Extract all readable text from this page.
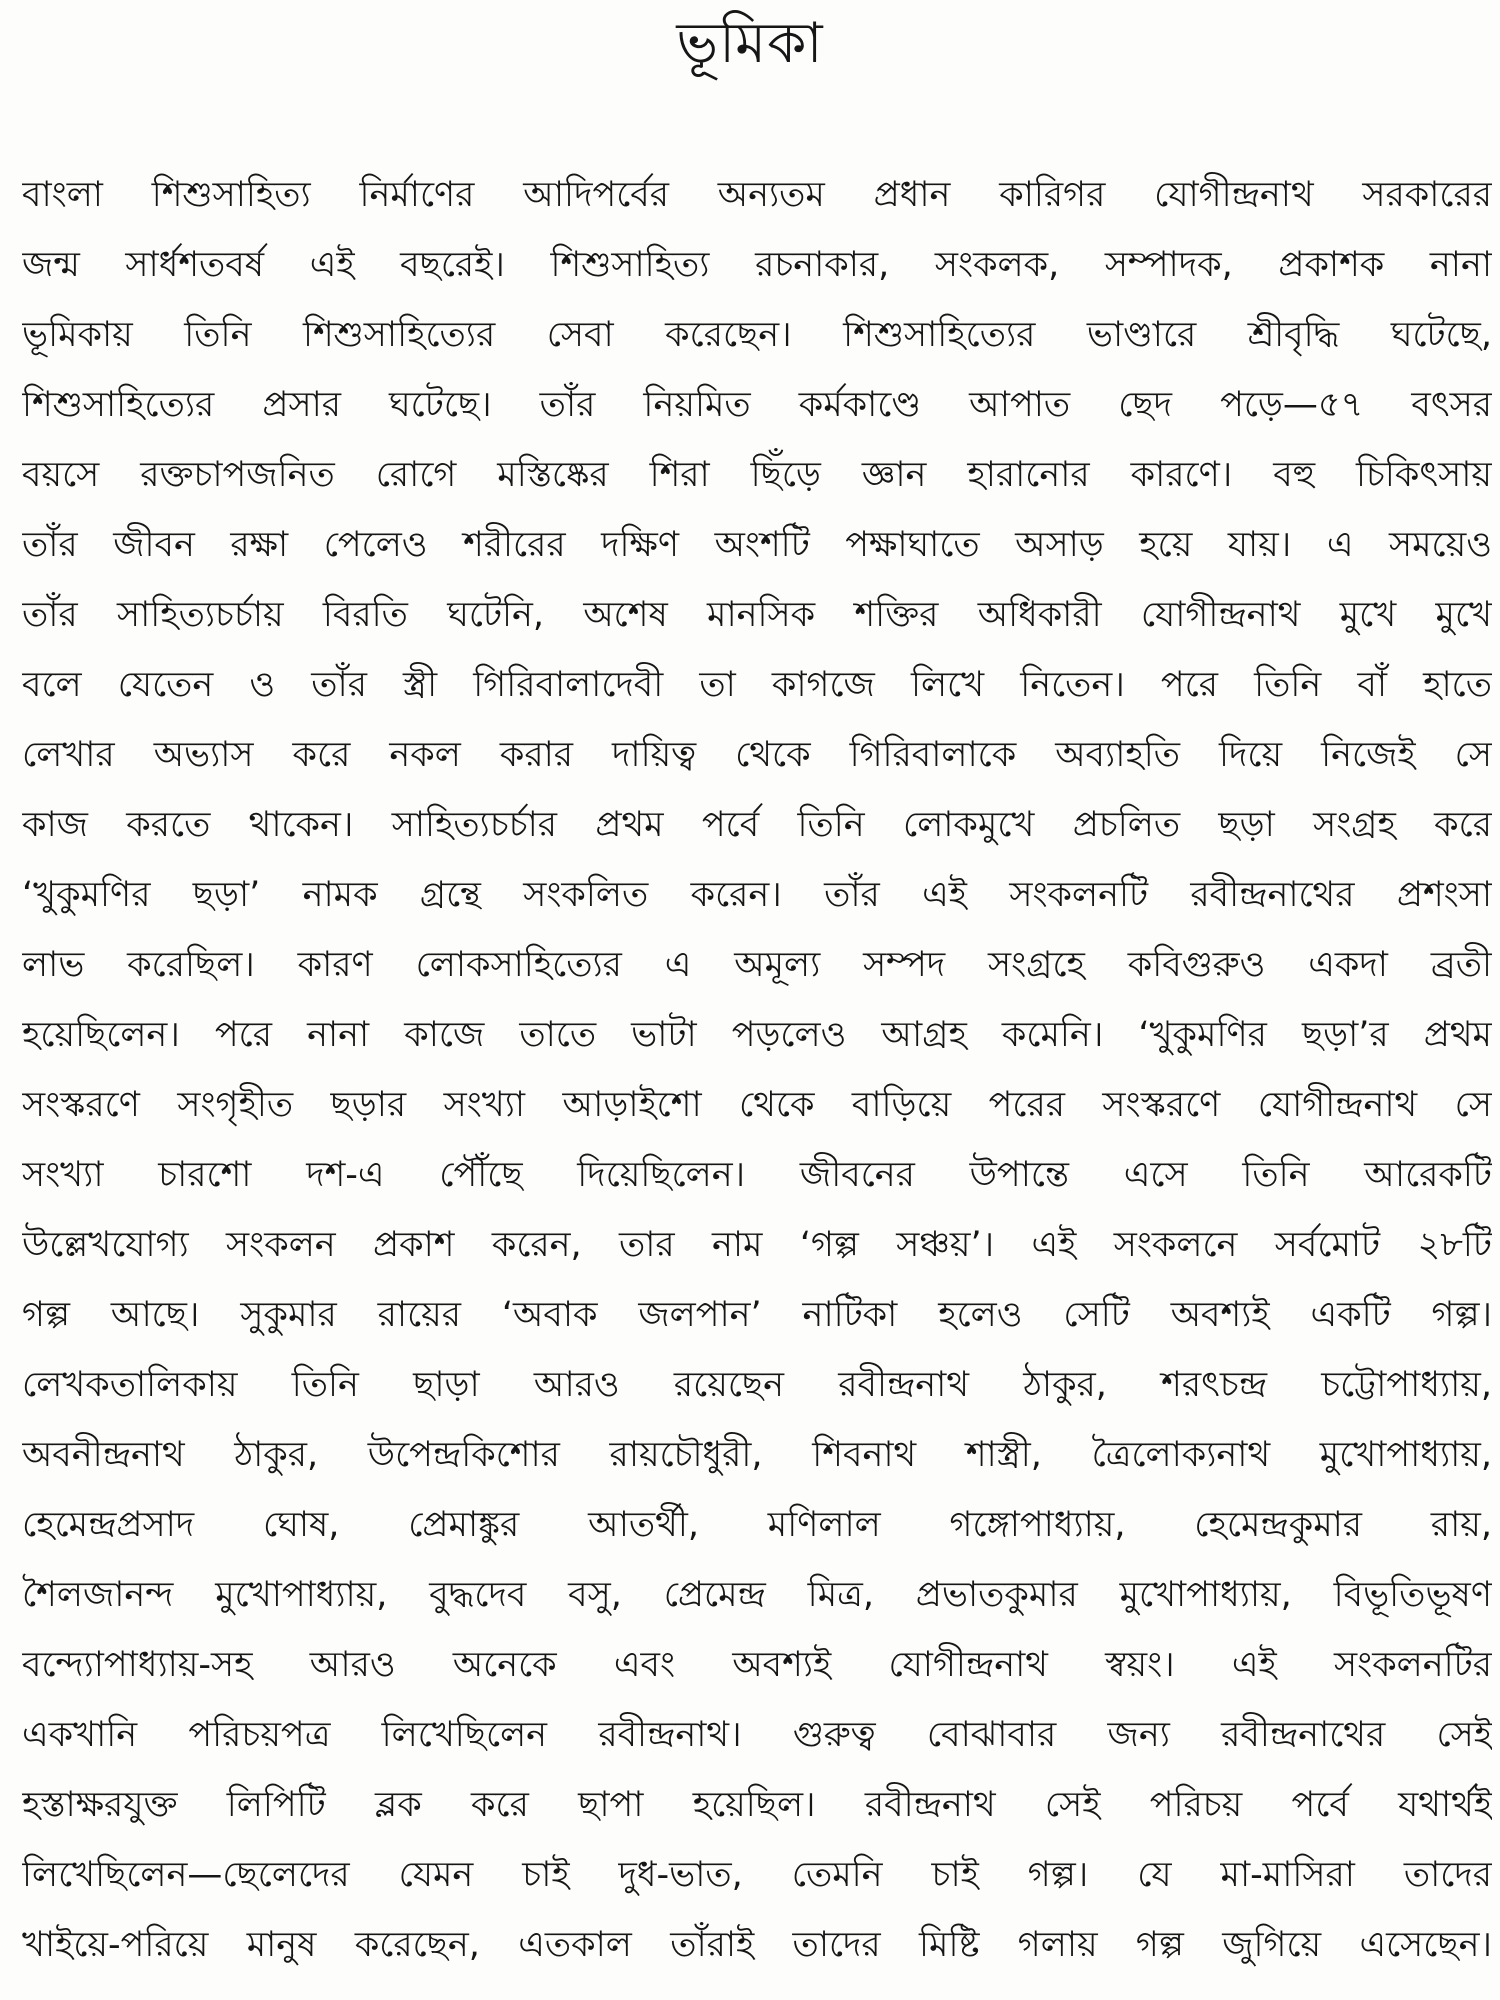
ভূমিকা
বাংলা শিশুসাহিত্য নির্মাণের আদিপর্বের অন্যতম প্রধান কারিগর যোগীন্দ্রনাথ সরকারের
জন্ম সার্ধশতবর্ষ এই বছরেই। শিশুসাহিত্য রচনাকার, সংকলক, সম্পাদক, প্রকাশক নানা
ভূমিকায় তিনি শিশুসাহিত্যের সেবা করেছেন। শিশুসাহিত্যের ভাণ্ডারে শ্রীবৃদ্ধি ঘটেছে,
শিশুসাহিত্যের প্রসার ঘটেছে। তাঁর নিয়মিত কর্মকাণ্ডে আপাত ছেদ পড়ে—৫৭ বৎসর
বয়সে রক্তচাপজনিত রোগে মস্তিষ্কের শিরা ছিঁড়ে জ্ঞান হারানোর কারণে। বহু চিকিৎসায়
তাঁর জীবন রক্ষা পেলেও শরীরের দক্ষিণ অংশটি পক্ষাঘাতে অসাড় হয়ে যায়। এ সময়েও
তাঁর সাহিত্যচর্চায় বিরতি ঘটেনি, অশেষ মানসিক শক্তির অধিকারী যোগীন্দ্রনাথ মুখে মুখে
বলে যেতেন ও তাঁর স্ত্রী গিরিবালাদেবী তা কাগজে লিখে নিতেন। পরে তিনি বাঁ হাতে
লেখার অভ্যাস করে নকল করার দায়িত্ব থেকে গিরিবালাকে অব্যাহতি দিয়ে নিজেই সে
কাজ করতে থাকেন। সাহিত্যচর্চার প্রথম পর্বে তিনি লোকমুখে প্রচলিত ছড়া সংগ্রহ করে
‘খুকুমণির ছড়া’ নামক গ্রন্থে সংকলিত করেন। তাঁর এই সংকলনটি রবীন্দ্রনাথের প্রশংসা
লাভ করেছিল। কারণ লোকসাহিত্যের এ অমূল্য সম্পদ সংগ্রহে কবিগুরুও একদা ব্রতী
হয়েছিলেন। পরে নানা কাজে তাতে ভাটা পড়লেও আগ্রহ কমেনি। ‘খুকুমণির ছড়া’র প্রথম
সংস্করণে সংগৃহীত ছড়ার সংখ্যা আড়াইশো থেকে বাড়িয়ে পরের সংস্করণে যোগীন্দ্রনাথ সে
সংখ্যা চারশো দশ-এ পৌঁছে দিয়েছিলেন। জীবনের উপান্তে এসে তিনি আরেকটি
উল্লেখযোগ্য সংকলন প্রকাশ করেন, তার নাম ‘গল্প সঞ্চয়’। এই সংকলনে সর্বমোট ২৮টি
গল্প আছে। সুকুমার রায়ের ‘অবাক জলপান’ নাটিকা হলেও সেটি অবশ্যই একটি গল্প।
লেখকতালিকায় তিনি ছাড়া আরও রয়েছেন রবীন্দ্রনাথ ঠাকুর, শরৎচন্দ্র চট্টোপাধ্যায়,
অবনীন্দ্রনাথ ঠাকুর, উপেন্দ্রকিশোর রায়চৌধুরী, শিবনাথ শাস্ত্রী, ত্রৈলোক্যনাথ মুখোপাধ্যায়,
হেমেন্দ্রপ্রসাদ ঘোষ, প্রেমাঙ্কুর আতর্থী, মণিলাল গঙ্গোপাধ্যায়, হেমেন্দ্রকুমার রায়,
শৈলজানন্দ মুখোপাধ্যায়, বুদ্ধদেব বসু, প্রেমেন্দ্র মিত্র, প্রভাতকুমার মুখোপাধ্যায়, বিভূতিভূষণ
বন্দ্যোপাধ্যায়-সহ আরও অনেকে এবং অবশ্যই যোগীন্দ্রনাথ স্বয়ং। এই সংকলনটির
একখানি পরিচয়পত্র লিখেছিলেন রবীন্দ্রনাথ। গুরুত্ব বোঝাবার জন্য রবীন্দ্রনাথের সেই
হস্তাক্ষরযুক্ত লিপিটি ব্লক করে ছাপা হয়েছিল। রবীন্দ্রনাথ সেই পরিচয় পর্বে যথার্থই
লিখেছিলেন—ছেলেদের যেমন চাই দুধ-ভাত, তেমনি চাই গল্প। যে মা-মাসিরা তাদের
খাইয়ে-পরিয়ে মানুষ করেছেন, এতকাল তাঁরাই তাদের মিষ্টি গলায় গল্প জুগিয়ে এসেছেন।
